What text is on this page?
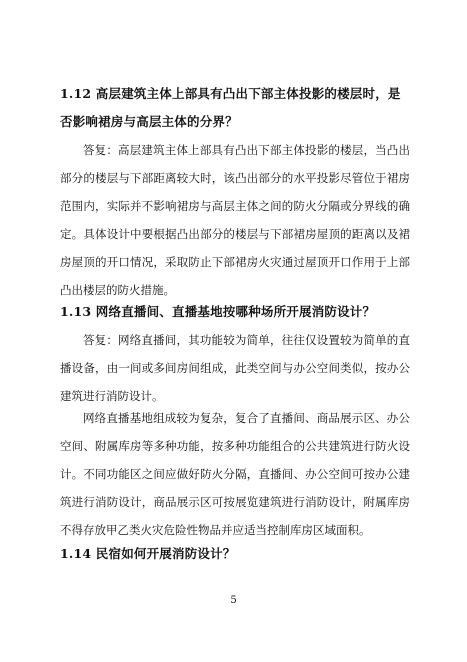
1.12 高层建筑主体上部具有凸出下部主体投影的楼层时，是否影响裙房与高层主体的分界？

答复：高层建筑主体上部具有凸出下部主体投影的楼层，当凸出部分的楼层与下部距离较大时，该凸出部分的水平投影尽管位于裙房范围内，实际并不影响裙房与高层主体之间的防火分隔或分界线的确定。具体设计中要根据凸出部分的楼层与下部裙房屋顶的距离以及裙房屋顶的开口情况，采取防止下部裙房火灾通过屋顶开口作用于上部凸出楼层的防火措施。

1.13 网络直播间、直播基地按哪种场所开展消防设计？

答复：网络直播间，其功能较为简单，往往仅设置较为简单的直播设备，由一间或多间房间组成，此类空间与办公空间类似，按办公建筑进行消防设计。

网络直播基地组成较为复杂，复合了直播间、商品展示区、办公空间、附属库房等多种功能，按多种功能组合的公共建筑进行防火设计。不同功能区之间应做好防火分隔，直播间、办公空间可按办公建筑进行消防设计，商品展示区可按展览建筑进行消防设计，附属库房不得存放甲乙类火灾危险性物品并应适当控制库房区域面积。

1.14 民宿如何开展消防设计？
5
